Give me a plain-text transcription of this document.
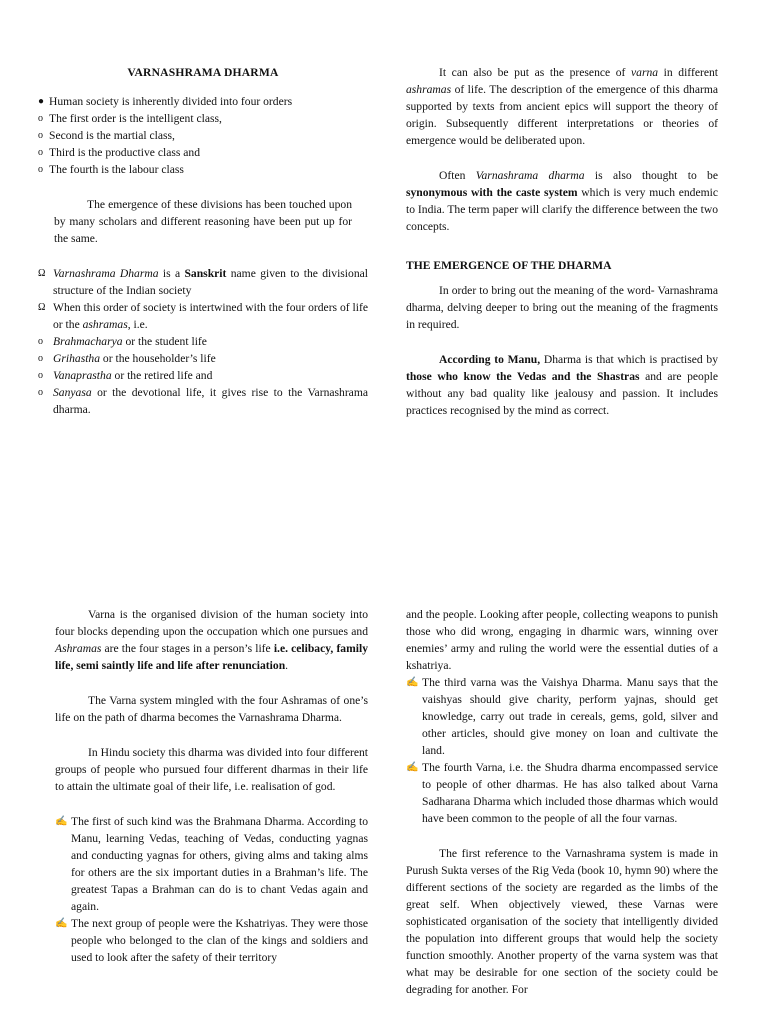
VARNASHRAMA DHARMA

● Human society is inherently divided into four orders
o The first order is the intelligent class,
o Second is the martial class,
o Third is the productive class and
o The fourth is the labour class

The emergence of these divisions has been touched upon by many scholars and different reasoning have been put up for the same.

Ω Varnashrama Dharma is a Sanskrit name given to the divisional structure of the Indian society
Ω When this order of society is intertwined with the four orders of life or the ashramas, i.e.
o Brahmacharya or the student life
o Grihastha or the householder’s life
o Vanaprastha or the retired life and
o Sanyasa or the devotional life, it gives rise to the Varnashrama dharma.

It can also be put as the presence of varna in different ashramas of life. The description of the emergence of this dharma supported by texts from ancient epics will support the theory of origin. Subsequently different interpretations or theories of emergence would be deliberated upon.

Often Varnashrama dharma is also thought to be synonymous with the caste system which is very much endemic to India. The term paper will clarify the difference between the two concepts.

THE EMERGENCE OF THE DHARMA

In order to bring out the meaning of the word- Varnashrama dharma, delving deeper to bring out the meaning of the fragments in required.

According to Manu, Dharma is that which is practised by those who know the Vedas and the Shastras and are people without any bad quality like jealousy and passion. It includes practices recognised by the mind as correct.

Varna is the organised division of the human society into four blocks depending upon the occupation which one pursues and Ashramas are the four stages in a person’s life i.e. celibacy, family life, semi saintly life and life after renunciation.

The Varna system mingled with the four Ashramas of one’s life on the path of dharma becomes the Varnashrama Dharma.

In Hindu society this dharma was divided into four different groups of people who pursued four different dharmas in their life to attain the ultimate goal of their life, i.e. realisation of god.

✍ The first of such kind was the Brahmana Dharma. According to Manu, learning Vedas, teaching of Vedas, conducting yagnas and conducting yagnas for others, giving alms and taking alms for others are the six important duties in a Brahman’s life. The greatest Tapas a Brahman can do is to chant Vedas again and again.
✍ The next group of people were the Kshatriyas. They were those people who belonged to the clan of the kings and soldiers and used to look after the safety of their territory

and the people. Looking after people, collecting weapons to punish those who did wrong, engaging in dharmic wars, winning over enemies’ army and ruling the world were the essential duties of a kshatriya.

✍ The third varna was the Vaishya Dharma. Manu says that the vaishyas should give charity, perform yajnas, should get knowledge, carry out trade in cereals, gems, gold, silver and other articles, should give money on loan and cultivate the land.
✍ The fourth Varna, i.e. the Shudra dharma encompassed service to people of other dharmas. He has also talked about Varna Sadharana Dharma which included those dharmas which would have been common to the people of all the four varnas.

The first reference to the Varnashrama system is made in Purush Sukta verses of the Rig Veda (book 10, hymn 90) where the different sections of the society are regarded as the limbs of the great self. When objectively viewed, these Varnas were sophisticated organisation of the society that intelligently divided the population into different groups that would help the society function smoothly. Another property of the varna system was that what may be desirable for one section of the society could be degrading for another. For
